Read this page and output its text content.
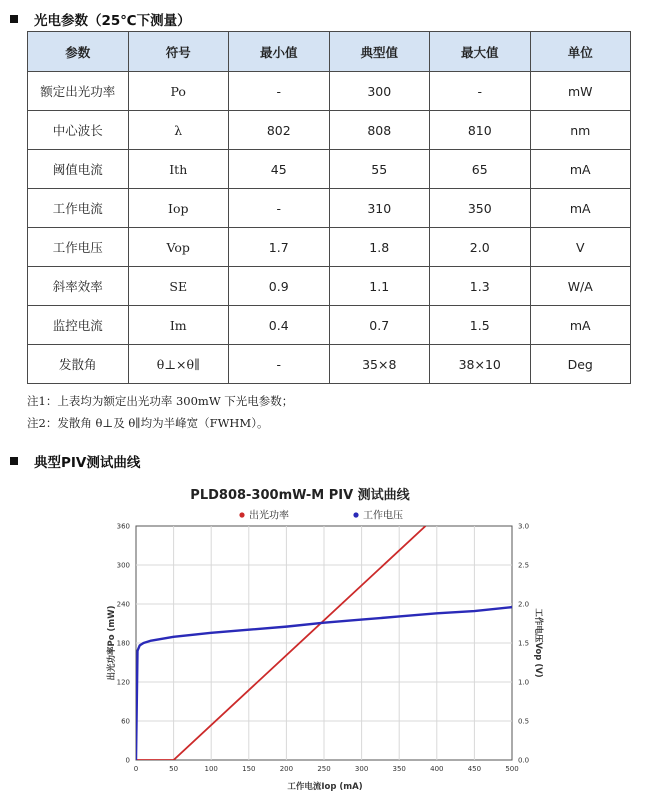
光电参数（25℃下测量）
参数	符号	最小值	典型值	最大值	单位
额定出光功率	Po	-	300	-	mW
中心波长	λ	802	808	810	nm
阈值电流	Ith	45	55	65	mA
工作电流	Iop	-	310	350	mA
工作电压	Vop	1.7	1.8	2.0	V
斜率效率	SE	0.9	1.1	1.3	W/A
监控电流	Im	0.4	0.7	1.5	mA
发散角	θ⊥×θ∥	-	35×8	38×10	Deg
注1：上表均为额定出光功率 300mW 下光电参数；
注2：发散角 θ⊥及 θ∥均为半峰宽（FWHM）。
典型PIV测试曲线
PLD808-300mW-M PIV 测试曲线
出光功率	工作电压
0	50	100	150	200	250	300	350	400	450	500
0
60
120
180
240
300
360
0.0
0.5
1.0
1.5
2.0
2.5
3.0
工作电流Iop (mA)
出光功率Po (mW)	工作电压Vop (V)
